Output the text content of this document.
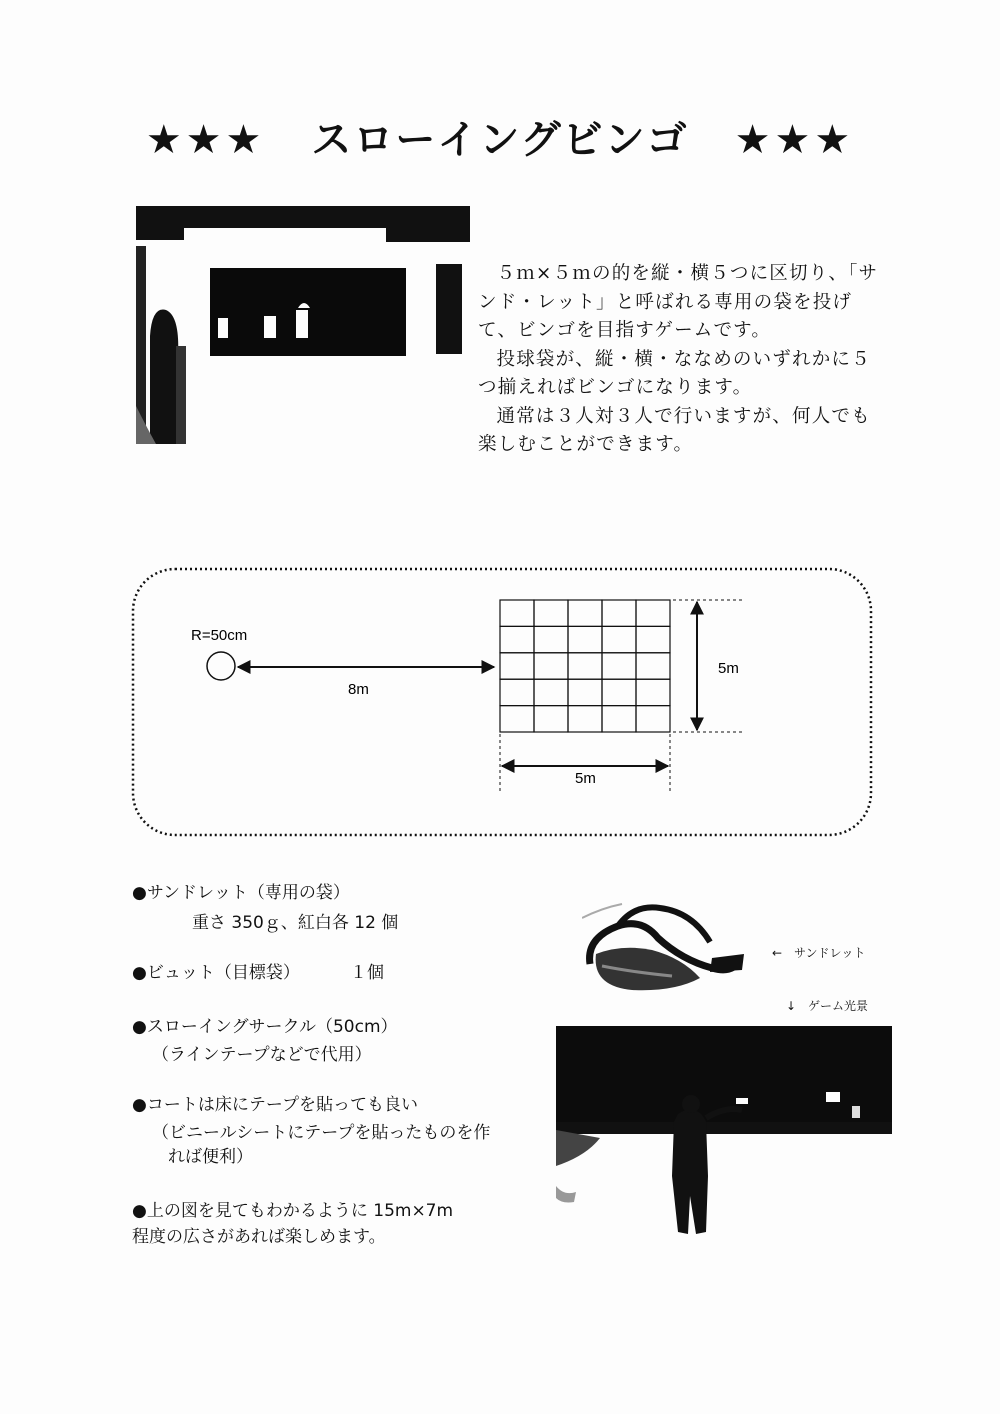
★★★ スローイングビンゴ ★★★

５ｍ×５ｍの的を縦・横５つに区切り、「サンド・レット」と呼ばれる専用の袋を投げて、ビンゴを目指すゲームです。

投球袋が、縦・横・ななめのいずれかに５つ揃えればビンゴになります。

通常は３人対３人で行いますが、何人でも楽しむことができます。

R=50cm
8m
5m
5m
●サンドレット（専用の袋）
重さ 350ｇ、紅白各 12 個
●ビュット（目標袋）	１個
●スローイングサークル（50cm）
（ラインテープなどで代用）
●コートは床にテープを貼っても良い
（ビニールシートにテープを貼ったものを作
れば便利）
●上の図を見てもわかるように 15m×7m
程度の広さがあれば楽しめます。
←　サンドレット
↓　ゲーム光景
